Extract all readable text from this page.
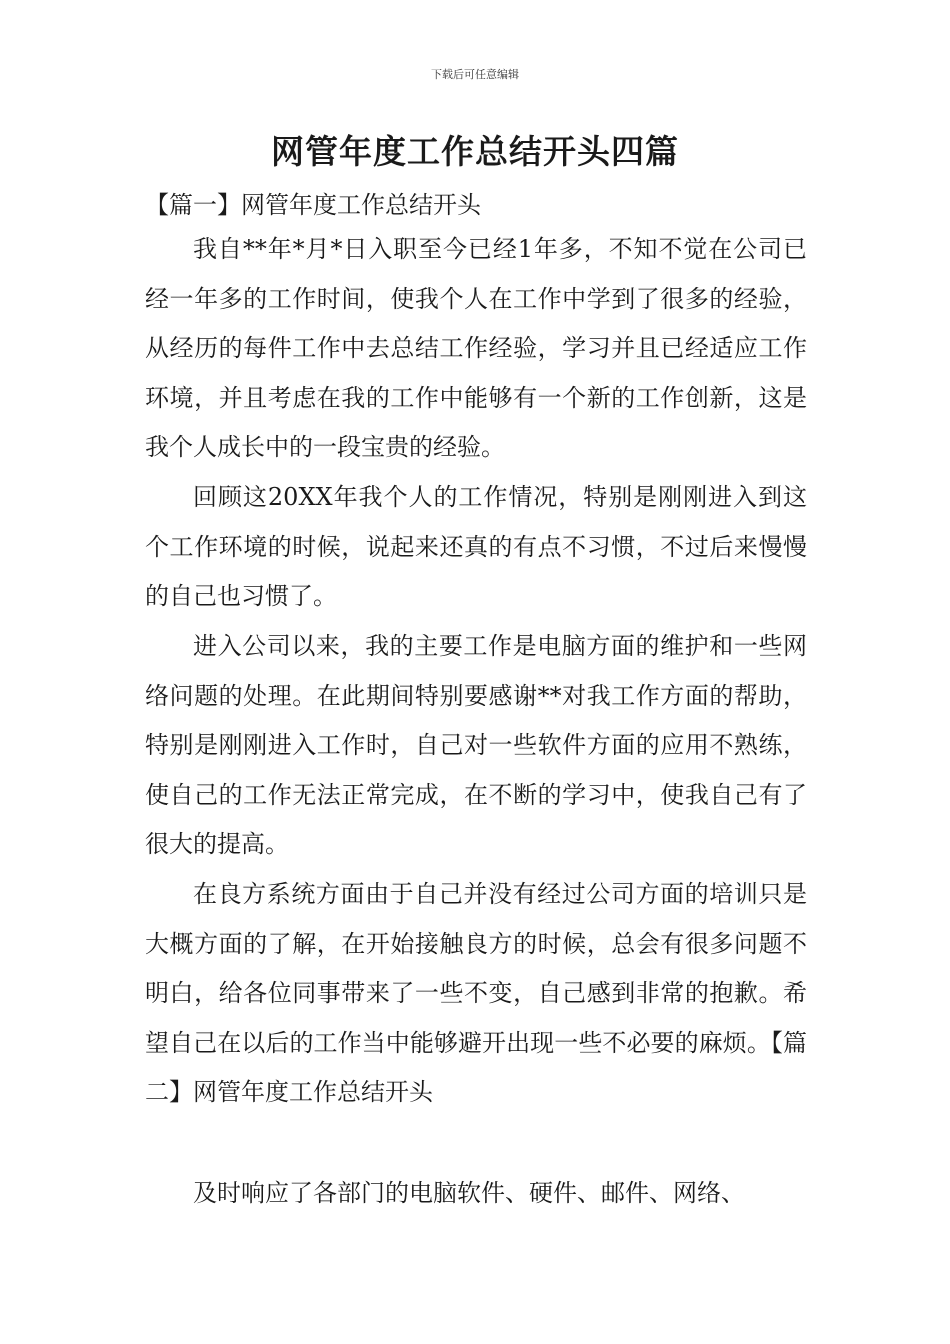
下载后可任意编辑
网管年度工作总结开头四篇

【篇一】网管年度工作总结开头

我自**年*月*日入职至今已经1年多，不知不觉在公司已经一年多的工作时间，使我个人在工作中学到了很多的经验，从经历的每件工作中去总结工作经验，学习并且已经适应工作环境，并且考虑在我的工作中能够有一个新的工作创新，这是我个人成长中的一段宝贵的经验。

回顾这20XX年我个人的工作情况，特别是刚刚进入到这个工作环境的时候，说起来还真的有点不习惯，不过后来慢慢的自己也习惯了。

进入公司以来，我的主要工作是电脑方面的维护和一些网络问题的处理。在此期间特别要感谢**对我工作方面的帮助，特别是刚刚进入工作时，自己对一些软件方面的应用不熟练，使自己的工作无法正常完成，在不断的学习中，使我自己有了很大的提高。

在良方系统方面由于自己并没有经过公司方面的培训只是大概方面的了解，在开始接触良方的时候，总会有很多问题不明白，给各位同事带来了一些不变，自己感到非常的抱歉。希望自己在以后的工作当中能够避开出现一些不必要的麻烦。【篇二】网管年度工作总结开头

及时响应了各部门的电脑软件、硬件、邮件、网络、
